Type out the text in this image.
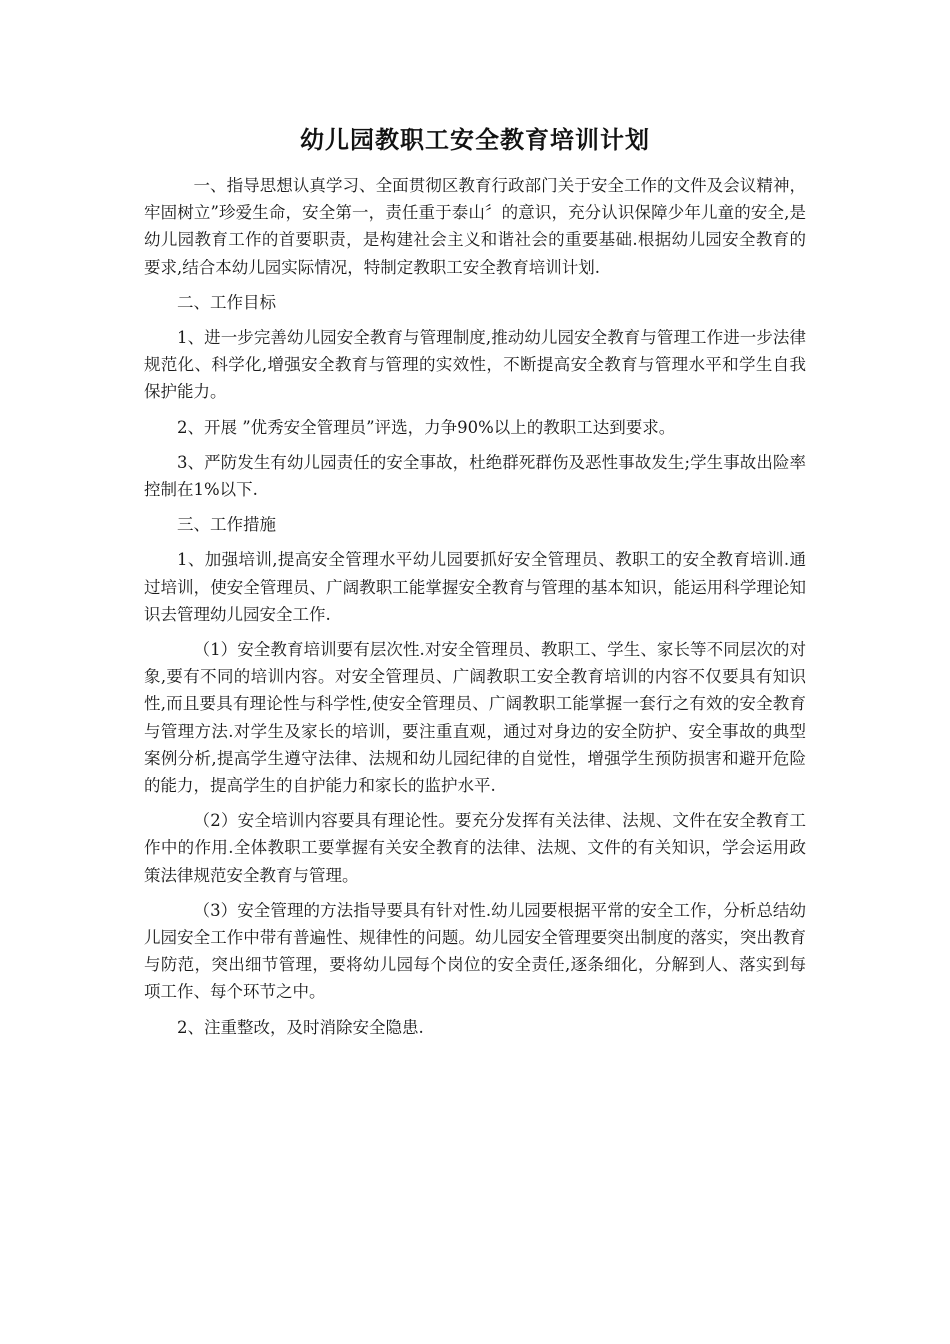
幼儿园教职工安全教育培训计划

一、指导思想认真学习、全面贯彻区教育行政部门关于安全工作的文件及会议精神，牢固树立”珍爱生命，安全第一，责任重于泰山〞的意识，充分认识保障少年儿童的安全,是幼儿园教育工作的首要职责，是构建社会主义和谐社会的重要基础.根据幼儿园安全教育的要求,结合本幼儿园实际情况，特制定教职工安全教育培训计划.

二、工作目标

1、进一步完善幼儿园安全教育与管理制度,推动幼儿园安全教育与管理工作进一步法律规范化、科学化,增强安全教育与管理的实效性，不断提高安全教育与管理水平和学生自我保护能力。

2、开展 ”优秀安全管理员”评选，力争90%以上的教职工达到要求。

3、严防发生有幼儿园责任的安全事故，杜绝群死群伤及恶性事故发生;学生事故出险率控制在1%以下.

三、工作措施

1、加强培训,提高安全管理水平幼儿园要抓好安全管理员、教职工的安全教育培训.通过培训，使安全管理员、广阔教职工能掌握安全教育与管理的基本知识，能运用科学理论知识去管理幼儿园安全工作.

（1）安全教育培训要有层次性.对安全管理员、教职工、学生、家长等不同层次的对象,要有不同的培训内容。对安全管理员、广阔教职工安全教育培训的内容不仅要具有知识性,而且要具有理论性与科学性,使安全管理员、广阔教职工能掌握一套行之有效的安全教育与管理方法.对学生及家长的培训，要注重直观，通过对身边的安全防护、安全事故的典型案例分析,提高学生遵守法律、法规和幼儿园纪律的自觉性，增强学生预防损害和避开危险的能力，提高学生的自护能力和家长的监护水平.

（2）安全培训内容要具有理论性。要充分发挥有关法律、法规、文件在安全教育工作中的作用.全体教职工要掌握有关安全教育的法律、法规、文件的有关知识，学会运用政策法律规范安全教育与管理。

（3）安全管理的方法指导要具有针对性.幼儿园要根据平常的安全工作，分析总结幼儿园安全工作中带有普遍性、规律性的问题。幼儿园安全管理要突出制度的落实，突出教育与防范，突出细节管理，要将幼儿园每个岗位的安全责任,逐条细化，分解到人、落实到每项工作、每个环节之中。

2、注重整改，及时消除安全隐患.
